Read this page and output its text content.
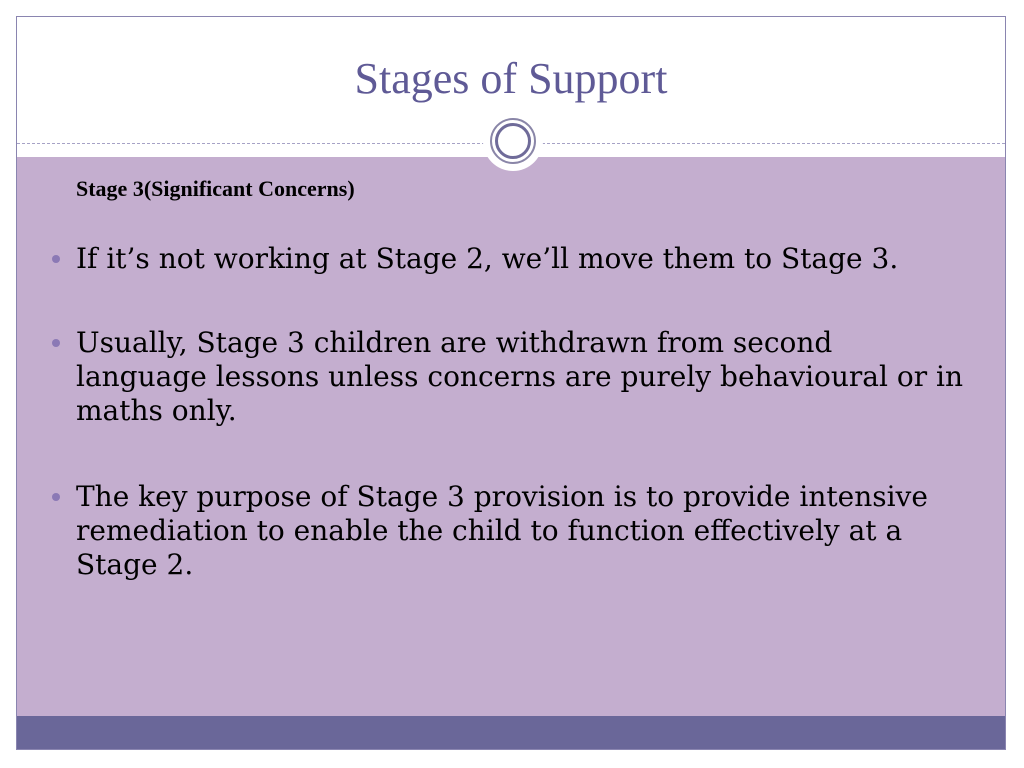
Stages of Support
Stage 3(Significant Concerns)
If it’s not working at Stage 2, we’ll move them to Stage 3.
Usually, Stage 3 children are withdrawn from second language lessons unless concerns are purely behavioural or in maths only.
The key purpose of Stage 3 provision is to provide intensive remediation to enable the child to function effectively at a Stage 2.
